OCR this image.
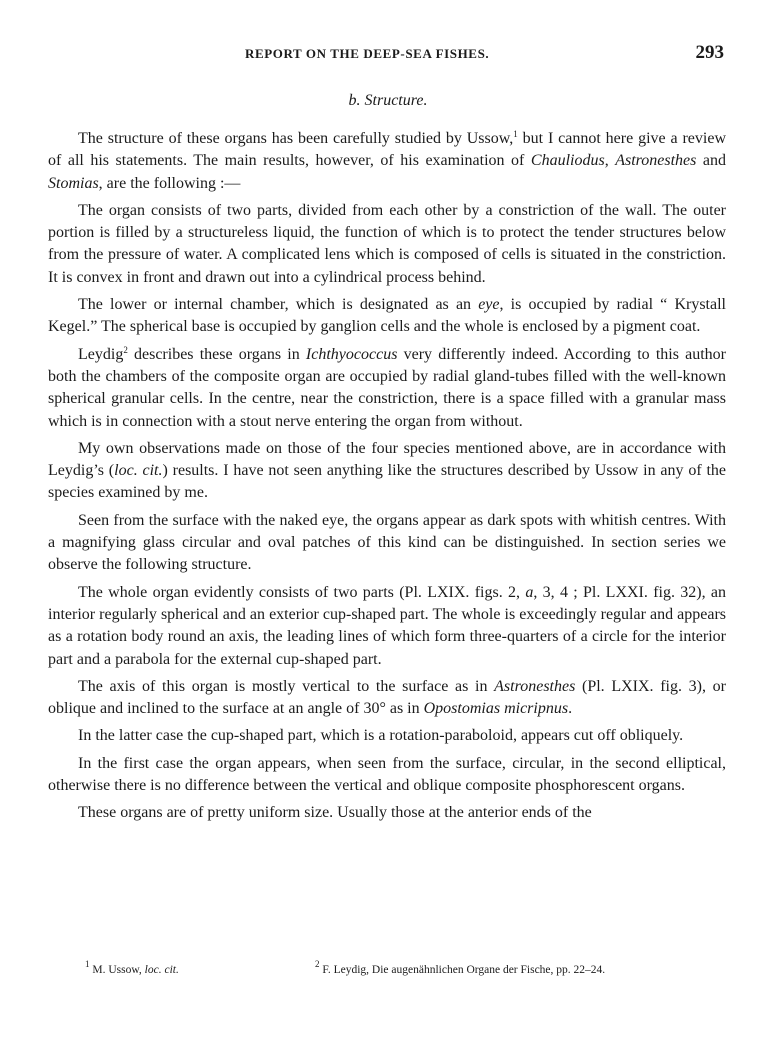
REPORT ON THE DEEP-SEA FISHES.	293
b. Structure.

The structure of these organs has been carefully studied by Ussow,$^1$ but I cannot here give a review of all his statements. The main results, however, of his examination of Chauliodus, Astronesthes and Stomias, are the following :—

The organ consists of two parts, divided from each other by a constriction of the wall. The outer portion is filled by a structureless liquid, the function of which is to protect the tender structures below from the pressure of water. A complicated lens which is composed of cells is situated in the constriction. It is convex in front and drawn out into a cylindrical process behind.

The lower or internal chamber, which is designated as an eye, is occupied by radial “ Krystall Kegel.” The spherical base is occupied by ganglion cells and the whole is enclosed by a pigment coat.

Leydig$^2$ describes these organs in Ichthyococcus very differently indeed. According to this author both the chambers of the composite organ are occupied by radial gland-tubes filled with the well-known spherical granular cells. In the centre, near the constriction, there is a space filled with a granular mass which is in connection with a stout nerve entering the organ from without.

My own observations made on those of the four species mentioned above, are in accordance with Leydig’s (loc. cit.) results. I have not seen anything like the structures described by Ussow in any of the species examined by me.

Seen from the surface with the naked eye, the organs appear as dark spots with whitish centres. With a magnifying glass circular and oval patches of this kind can be distinguished. In section series we observe the following structure.

The whole organ evidently consists of two parts (Pl. LXIX. figs. 2, a, 3, 4 ; Pl. LXXI. fig. 32), an interior regularly spherical and an exterior cup-shaped part. The whole is exceedingly regular and appears as a rotation body round an axis, the leading lines of which form three-quarters of a circle for the interior part and a parabola for the external cup-shaped part.

The axis of this organ is mostly vertical to the surface as in Astronesthes (Pl. LXIX. fig. 3), or oblique and inclined to the surface at an angle of 30° as in Opostomias micripnus.

In the latter case the cup-shaped part, which is a rotation-paraboloid, appears cut off obliquely.

In the first case the organ appears, when seen from the surface, circular, in the second elliptical, otherwise there is no difference between the vertical and oblique composite phosphorescent organs.

These organs are of pretty uniform size. Usually those at the anterior ends of the

$^1$ M. Ussow, loc. cit.	$^2$ F. Leydig, Die augenähnlichen Organe der Fische, pp. 22–24.
